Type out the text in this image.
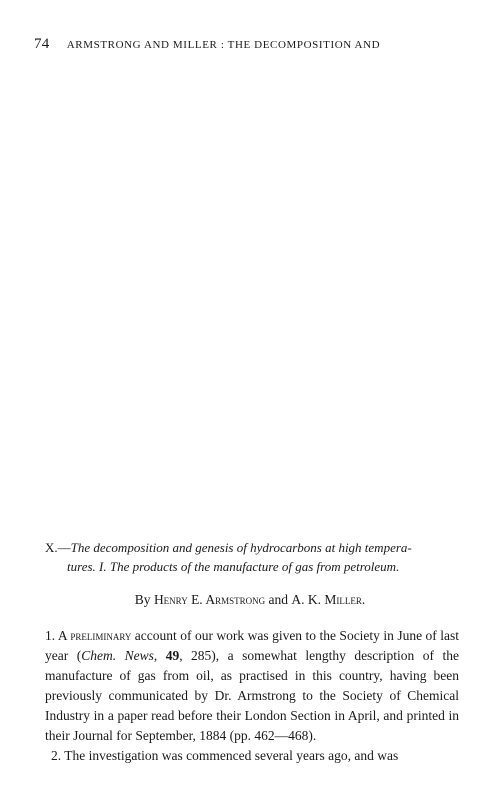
74 ARMSTRONG AND MILLER : THE DECOMPOSITION AND
X.—The decomposition and genesis of hydrocarbons at high tempera-
tures. I. The products of the manufacture of gas from petroleum.
By Henry E. Armstrong and A. K. Miller.

1. A preliminary account of our work was given to the Society in June of last year (Chem. News, 49, 285), a somewhat lengthy description of the manufacture of gas from oil, as practised in this country, having been previously communicated by Dr. Armstrong to the Society of Chemical Industry in a paper read before their London Section in April, and printed in their Journal for September, 1884 (pp. 462—468).

2. The investigation was commenced several years ago, and was
